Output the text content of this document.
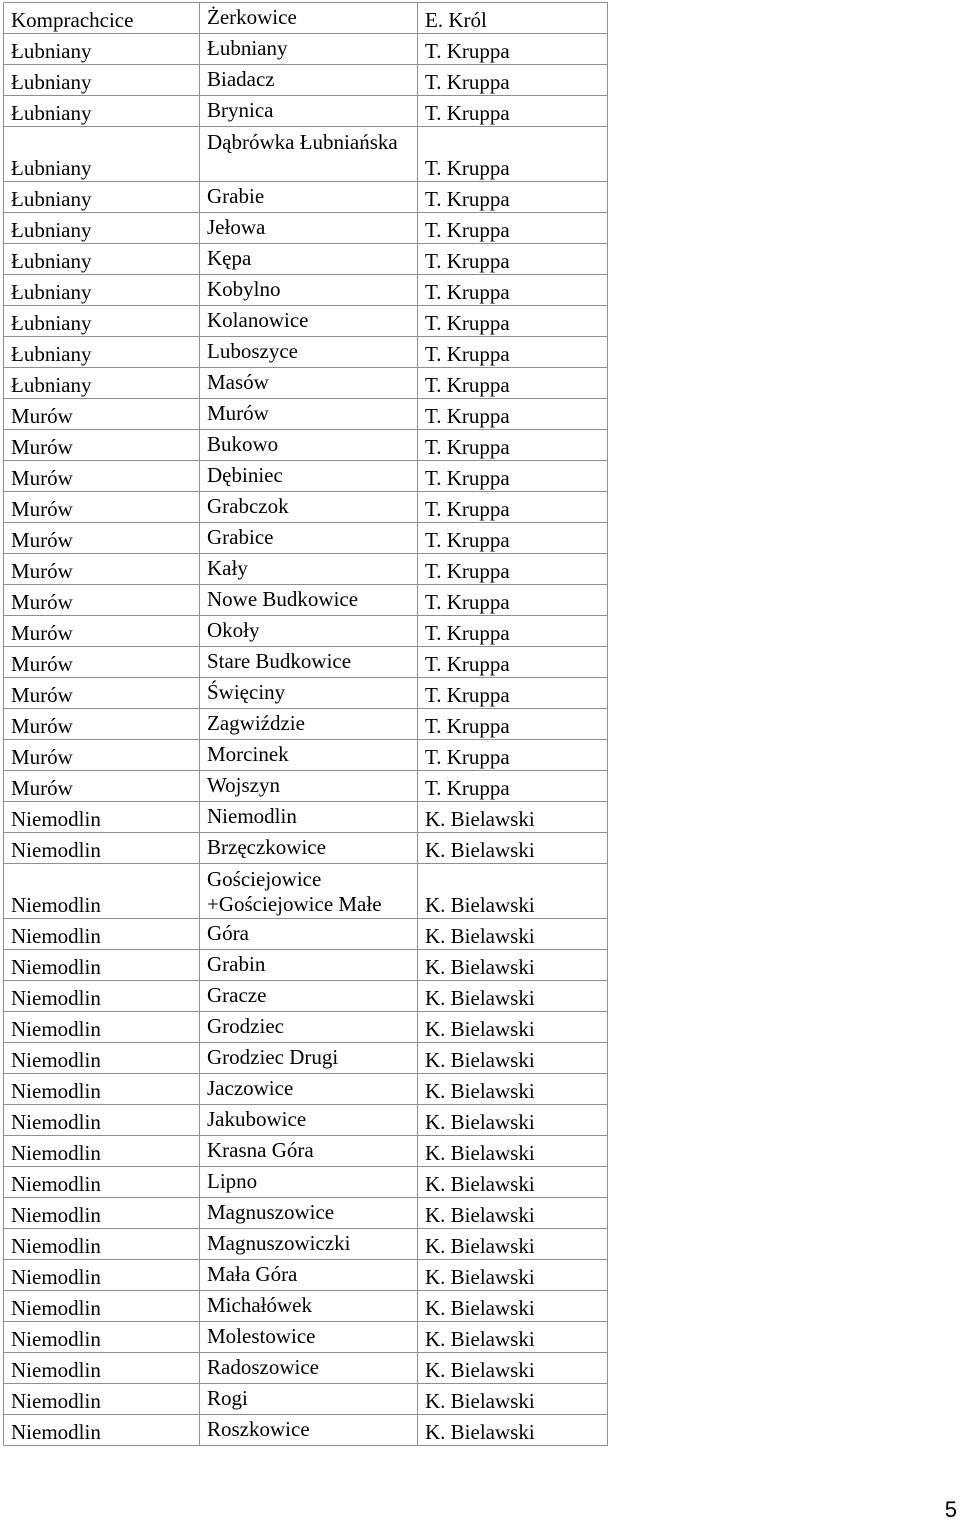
Komprachcice	Żerkowice	E. Król
Łubniany	Łubniany	T. Kruppa
Łubniany	Biadacz	T. Kruppa
Łubniany	Brynica	T. Kruppa
Łubniany	Dąbrówka Łubniańska	T. Kruppa
Łubniany	Grabie	T. Kruppa
Łubniany	Jełowa	T. Kruppa
Łubniany	Kępa	T. Kruppa
Łubniany	Kobylno	T. Kruppa
Łubniany	Kolanowice	T. Kruppa
Łubniany	Luboszyce	T. Kruppa
Łubniany	Masów	T. Kruppa
Murów	Murów	T. Kruppa
Murów	Bukowo	T. Kruppa
Murów	Dębiniec	T. Kruppa
Murów	Grabczok	T. Kruppa
Murów	Grabice	T. Kruppa
Murów	Kały	T. Kruppa
Murów	Nowe Budkowice	T. Kruppa
Murów	Okoły	T. Kruppa
Murów	Stare Budkowice	T. Kruppa
Murów	Święciny	T. Kruppa
Murów	Zagwiździe	T. Kruppa
Murów	Morcinek	T. Kruppa
Murów	Wojszyn	T. Kruppa
Niemodlin	Niemodlin	K. Bielawski
Niemodlin	Brzęczkowice	K. Bielawski
Niemodlin	Gościejowice +Gościejowice Małe	K. Bielawski
Niemodlin	Góra	K. Bielawski
Niemodlin	Grabin	K. Bielawski
Niemodlin	Gracze	K. Bielawski
Niemodlin	Grodziec	K. Bielawski
Niemodlin	Grodziec Drugi	K. Bielawski
Niemodlin	Jaczowice	K. Bielawski
Niemodlin	Jakubowice	K. Bielawski
Niemodlin	Krasna Góra	K. Bielawski
Niemodlin	Lipno	K. Bielawski
Niemodlin	Magnuszowice	K. Bielawski
Niemodlin	Magnuszowiczki	K. Bielawski
Niemodlin	Mała Góra	K. Bielawski
Niemodlin	Michałówek	K. Bielawski
Niemodlin	Molestowice	K. Bielawski
Niemodlin	Radoszowice	K. Bielawski
Niemodlin	Rogi	K. Bielawski
Niemodlin	Roszkowice	K. Bielawski
5
